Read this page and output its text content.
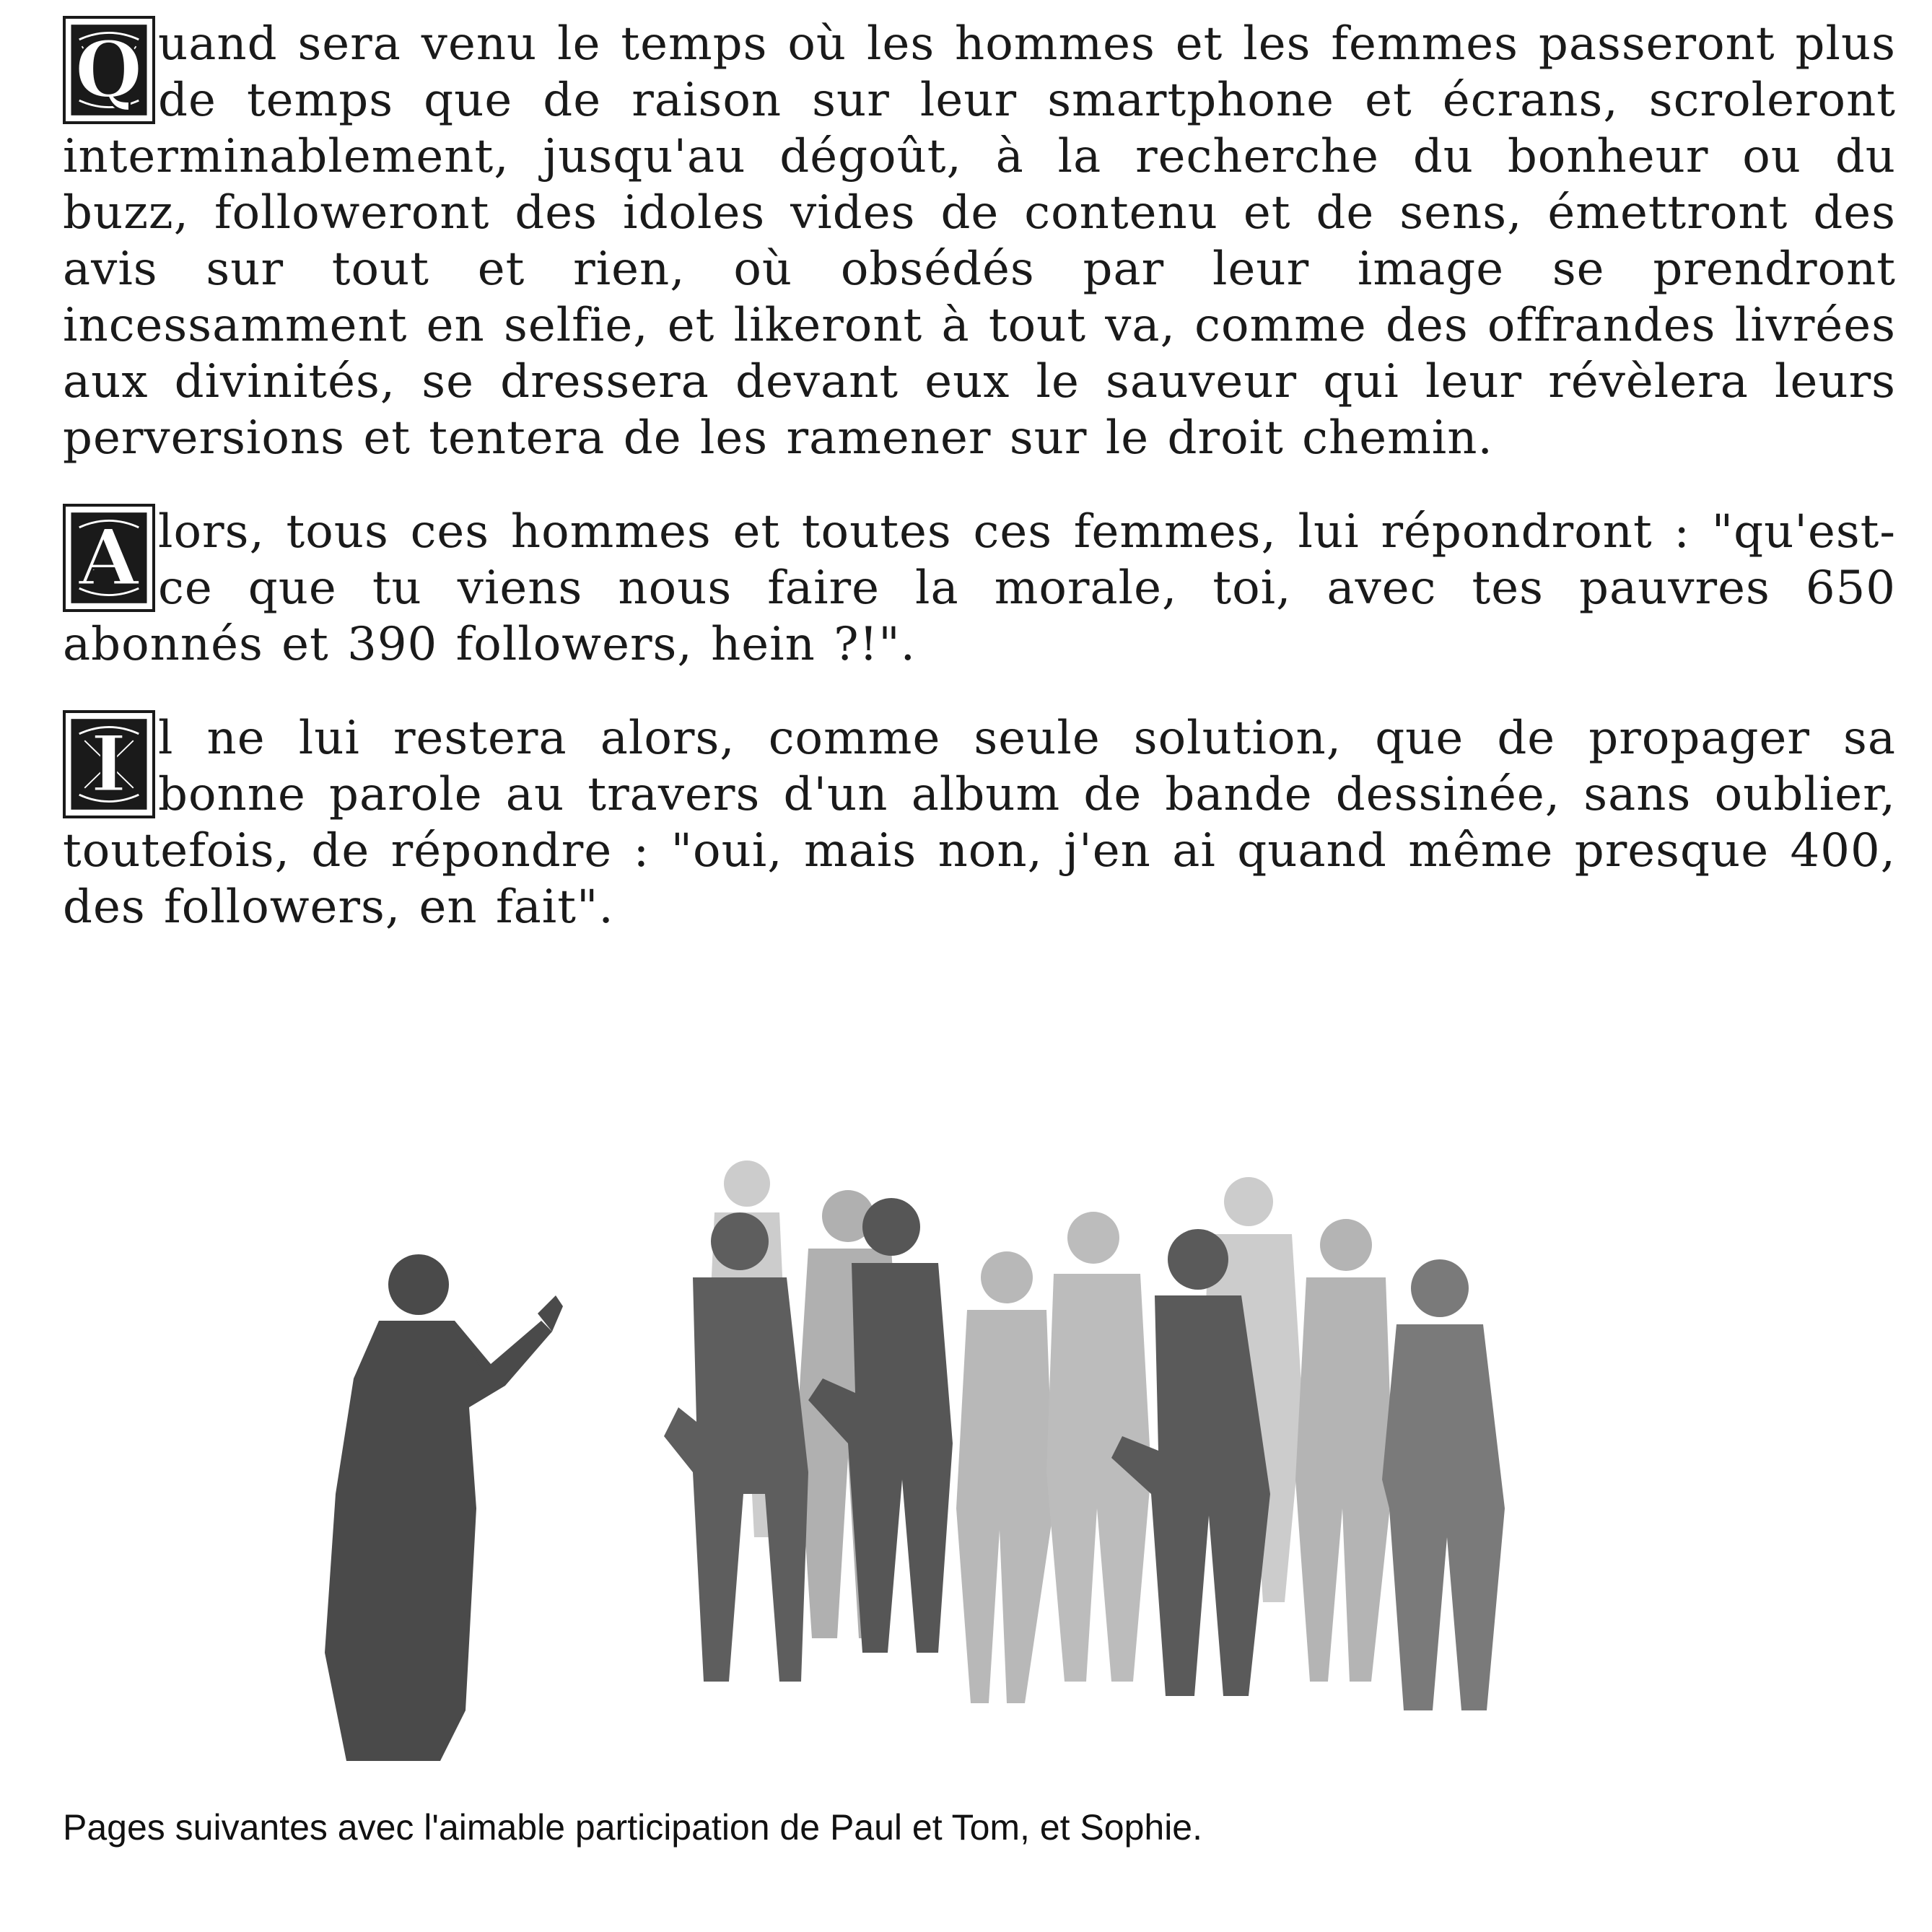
Q uand sera venu le temps où les hommes et les femmes passeront plus de temps que de raison sur leur smartphone et écrans, scroleront interminablement, jusqu'au dégoût, à la recherche du bonheur ou du buzz, followeront des idoles vides de contenu et de sens, émettront des avis sur tout et rien, où obsédés par leur image se prendront incessamment en selfie, et likeront à tout va, comme des offrandes livrées aux divinités, se dressera devant eux le sauveur qui leur révèlera leurs perversions et tentera de les ramener sur le droit chemin.

A lors, tous ces hommes et toutes ces femmes, lui répondront : "qu'est-ce que tu viens nous faire la morale, toi, avec tes pauvres 650 abonnés et 390 followers, hein ?!".

I l ne lui restera alors, comme seule solution, que de propager sa bonne parole au travers d'un album de bande dessinée, sans oublier, toutefois, de répondre : "oui, mais non, j'en ai quand même presque 400, des followers, en fait".

Pages suivantes avec l'aimable participation de Paul et Tom, et Sophie.
